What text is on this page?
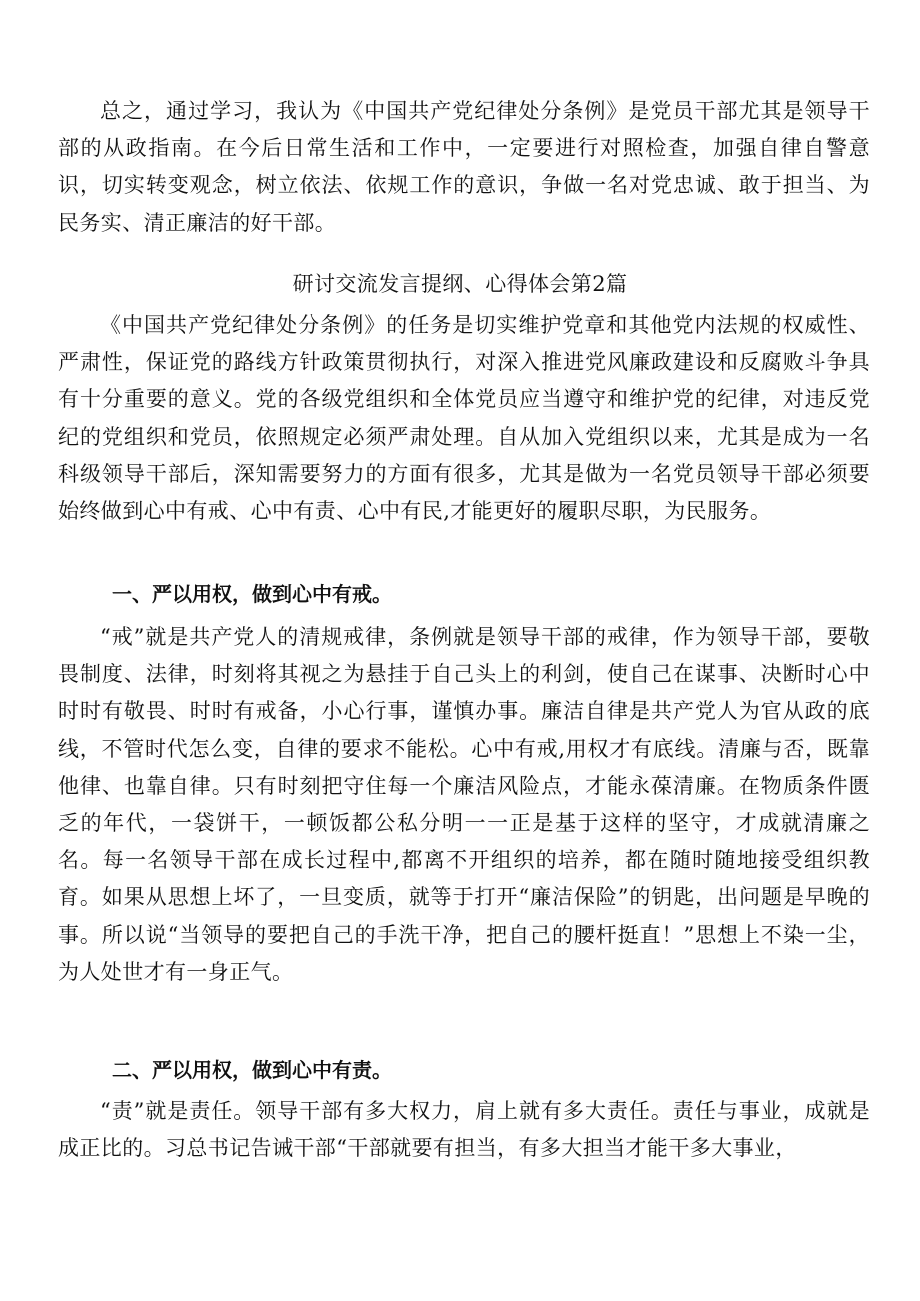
总之，通过学习，我认为《中国共产党纪律处分条例》是党员干部尤其是领导干部的从政指南。在今后日常生活和工作中，一定要进行对照检查，加强自律自警意识，切实转变观念，树立依法、依规工作的意识，争做一名对党忠诚、敢于担当、为民务实、清正廉洁的好干部。

研讨交流发言提纲、心得体会第2篇

《中国共产党纪律处分条例》的任务是切实维护党章和其他党内法规的权威性、严肃性，保证党的路线方针政策贯彻执行，对深入推进党风廉政建设和反腐败斗争具有十分重要的意义。党的各级党组织和全体党员应当遵守和维护党的纪律，对违反党纪的党组织和党员，依照规定必须严肃处理。自从加入党组织以来，尤其是成为一名科级领导干部后，深知需要努力的方面有很多，尤其是做为一名党员领导干部必须要始终做到心中有戒、心中有责、心中有民,才能更好的履职尽职，为民服务。

一、严以用权，做到心中有戒。

“戒”就是共产党人的清规戒律，条例就是领导干部的戒律，作为领导干部，要敬畏制度、法律，时刻将其视之为悬挂于自己头上的利剑，使自己在谋事、决断时心中时时有敬畏、时时有戒备，小心行事，谨慎办事。廉洁自律是共产党人为官从政的底线，不管时代怎么变，自律的要求不能松。心中有戒,用权才有底线。清廉与否，既靠他律、也靠自律。只有时刻把守住每一个廉洁风险点，才能永葆清廉。在物质条件匮乏的年代，一袋饼干，一顿饭都公私分明一一正是基于这样的坚守，才成就清廉之名。每一名领导干部在成长过程中,都离不开组织的培养，都在随时随地接受组织教育。如果从思想上坏了，一旦变质，就等于打开“廉洁保险”的钥匙，出问题是早晚的事。所以说“当领导的要把自己的手洗干净，把自己的腰杆挺直！”思想上不染一尘，为人处世才有一身正气。

二、严以用权，做到心中有责。

“责”就是责任。领导干部有多大权力，肩上就有多大责任。责任与事业，成就是成正比的。习总书记告诫干部“干部就要有担当，有多大担当才能干多大事业，
